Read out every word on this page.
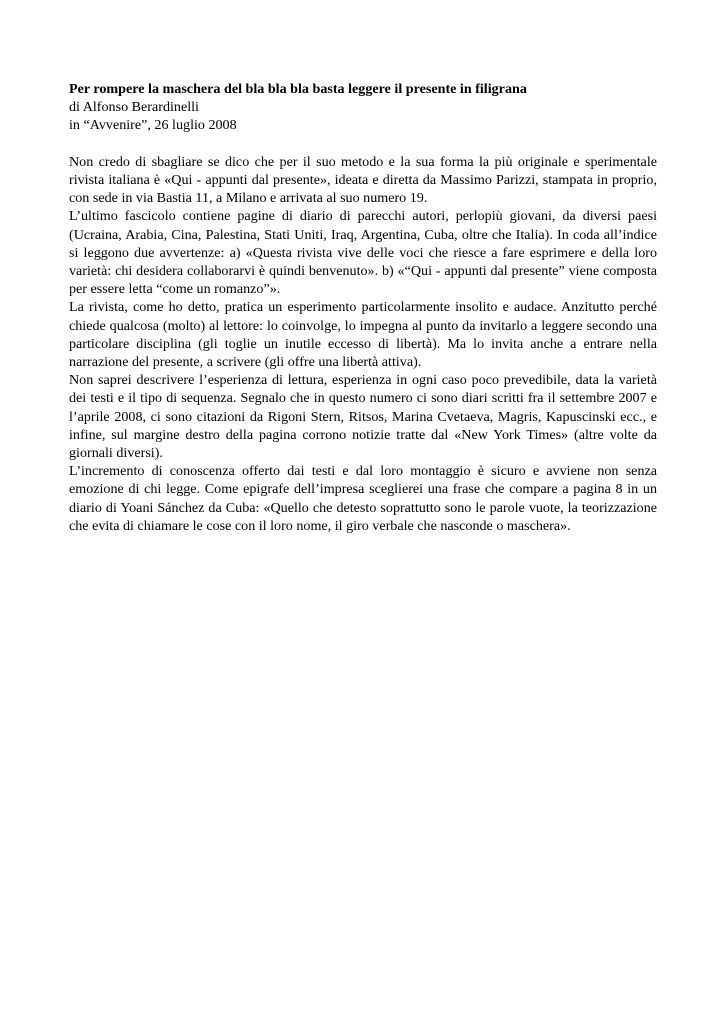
Per rompere la maschera del bla bla bla basta leggere il presente in filigrana

di Alfonso Berardinelli

in “Avvenire”, 26 luglio 2008

Non credo di sbagliare se dico che per il suo metodo e la sua forma la più originale e sperimentale rivista italiana è «Qui - appunti dal presente», ideata e diretta da Massimo Parizzi, stampata in proprio, con sede in via Bastia 11, a Milano e arrivata al suo numero 19.

L’ultimo fascicolo contiene pagine di diario di parecchi autori, perlopiù giovani, da diversi paesi (Ucraina, Arabia, Cina, Palestina, Stati Uniti, Iraq, Argentina, Cuba, oltre che Italia). In coda all’indice si leggono due avvertenze: a) «Questa rivista vive delle voci che riesce a fare esprimere e della loro varietà: chi desidera collaborarvi è quindi benvenuto». b) «“Qui - appunti dal presente” viene composta per essere letta “come un romanzo”».

La rivista, come ho detto, pratica un esperimento particolarmente insolito e audace. Anzitutto perché chiede qualcosa (molto) al lettore: lo coinvolge, lo impegna al punto da invitarlo a leggere secondo una particolare disciplina (gli toglie un inutile eccesso di libertà). Ma lo invita anche a entrare nella narrazione del presente, a scrivere (gli offre una libertà attiva).

Non saprei descrivere l’esperienza di lettura, esperienza in ogni caso poco prevedibile, data la varietà dei testi e il tipo di sequenza. Segnalo che in questo numero ci sono diari scritti fra il settembre 2007 e l’aprile 2008, ci sono citazioni da Rigoni Stern, Ritsos, Marina Cvetaeva, Magris, Kapuscinski ecc., e infine, sul margine destro della pagina corrono notizie tratte dal «New York Times» (altre volte da giornali diversi).

L’incremento di conoscenza offerto dai testi e dal loro montaggio è sicuro e avviene non senza emozione di chi legge. Come epigrafe dell’impresa sceglierei una frase che compare a pagina 8 in un diario di Yoani Sánchez da Cuba: «Quello che detesto soprattutto sono le parole vuote, la teorizzazione che evita di chiamare le cose con il loro nome, il giro verbale che nasconde o maschera».
